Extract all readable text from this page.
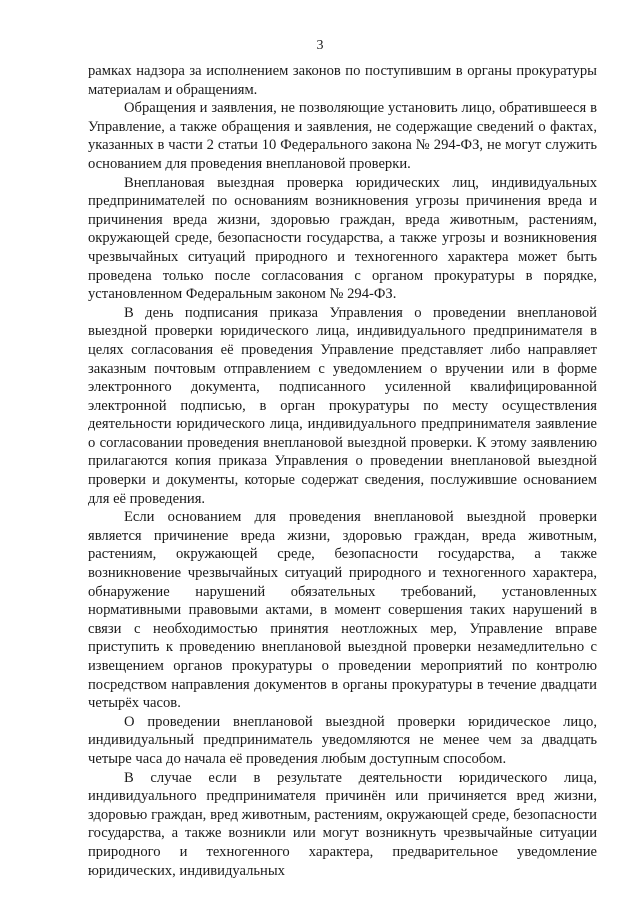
3

рамках надзора за исполнением законов по поступившим в органы прокуратуры материалам и обращениям.

Обращения и заявления, не позволяющие установить лицо, обратившееся в Управление, а также обращения и заявления, не содержащие сведений о фактах, указанных в части 2 статьи 10 Федерального закона № 294-ФЗ, не могут служить основанием для проведения внеплановой проверки.

Внеплановая выездная проверка юридических лиц, индивидуальных предпринимателей по основаниям возникновения угрозы причинения вреда и причинения вреда жизни, здоровью граждан, вреда животным, растениям, окружающей среде, безопасности государства, а также угрозы и возникновения чрезвычайных ситуаций природного и техногенного характера может быть проведена только после согласования с органом прокуратуры в порядке, установленном Федеральным законом № 294-ФЗ.

В день подписания приказа Управления о проведении внеплановой выездной проверки юридического лица, индивидуального предпринимателя в целях согласования её проведения Управление представляет либо направляет заказным почтовым отправлением с уведомлением о вручении или в форме электронного документа, подписанного усиленной квалифицированной электронной подписью, в орган прокуратуры по месту осуществления деятельности юридического лица, индивидуального предпринимателя заявление о согласовании проведения внеплановой выездной проверки. К этому заявлению прилагаются копия приказа Управления о проведении внеплановой выездной проверки и документы, которые содержат сведения, послужившие основанием для её проведения.

Если основанием для проведения внеплановой выездной проверки является причинение вреда жизни, здоровью граждан, вреда животным, растениям, окружающей среде, безопасности государства, а также возникновение чрезвычайных ситуаций природного и техногенного характера, обнаружение нарушений обязательных требований, установленных нормативными правовыми актами, в момент совершения таких нарушений в связи с необходимостью принятия неотложных мер, Управление вправе приступить к проведению внеплановой выездной проверки незамедлительно с извещением органов прокуратуры о проведении мероприятий по контролю посредством направления документов в органы прокуратуры в течение двадцати четырёх часов.

О проведении внеплановой выездной проверки юридическое лицо, индивидуальный предприниматель уведомляются не менее чем за двадцать четыре часа до начала её проведения любым доступным способом.

В случае если в результате деятельности юридического лица, индивидуального предпринимателя причинён или причиняется вред жизни, здоровью граждан, вред животным, растениям, окружающей среде, безопасности государства, а также возникли или могут возникнуть чрезвычайные ситуации природного и техногенного характера, предварительное уведомление юридических, индивидуальных
